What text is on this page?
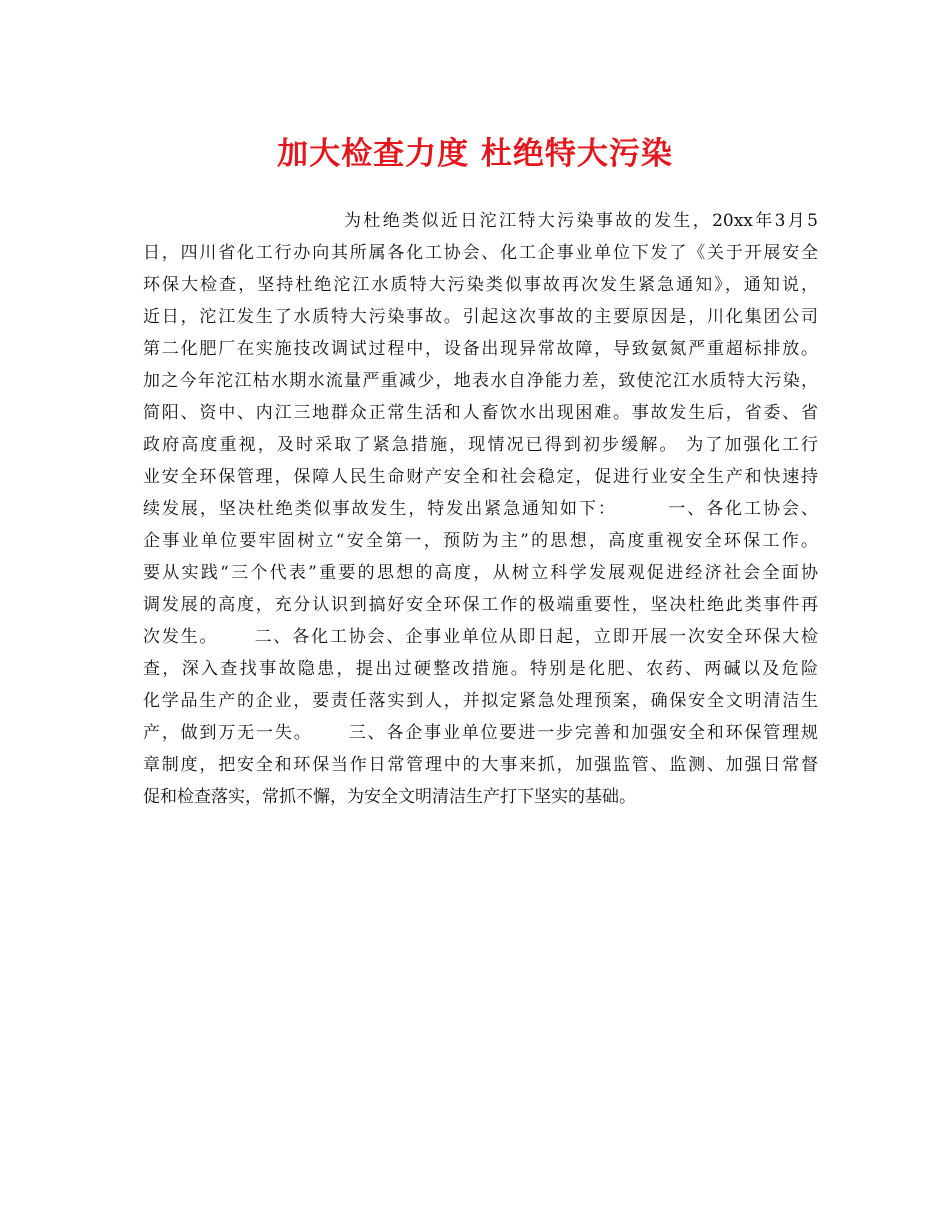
加大检查力度 杜绝特大污染
为杜绝类似近日沱江特大污染事故的发生，20xx年3月5
日，四川省化工行办向其所属各化工协会、化工企事业单位下发了《关于开展安全
环保大检查，坚持杜绝沱江水质特大污染类似事故再次发生紧急通知》，通知说，
近日，沱江发生了水质特大污染事故。引起这次事故的主要原因是，川化集团公司
第二化肥厂在实施技改调试过程中，设备出现异常故障，导致氨氮严重超标排放。
加之今年沱江枯水期水流量严重减少，地表水自净能力差，致使沱江水质特大污染，
简阳、资中、内江三地群众正常生活和人畜饮水出现困难。事故发生后，省委、省
政府高度重视，及时采取了紧急措施，现情况已得到初步缓解。 为了加强化工行
业安全环保管理，保障人民生命财产安全和社会稳定，促进行业安全生产和快速持
续发展，坚决杜绝类似事故发生，特发出紧急通知如下：       一、各化工协会、
企事业单位要牢固树立“安全第一，预防为主”的思想，高度重视安全环保工作。
要从实践“三个代表”重要的思想的高度，从树立科学发展观促进经济社会全面协
调发展的高度，充分认识到搞好安全环保工作的极端重要性，坚决杜绝此类事件再
次发生。     二、各化工协会、企事业单位从即日起，立即开展一次安全环保大检
查，深入查找事故隐患，提出过硬整改措施。特别是化肥、农药、两碱以及危险
化学品生产的企业，要责任落实到人，并拟定紧急处理预案，确保安全文明清洁生
产，做到万无一失。     三、各企事业单位要进一步完善和加强安全和环保管理规
章制度，把安全和环保当作日常管理中的大事来抓，加强监管、监测、加强日常督
促和检查落实，常抓不懈，为安全文明清洁生产打下坚实的基础。
